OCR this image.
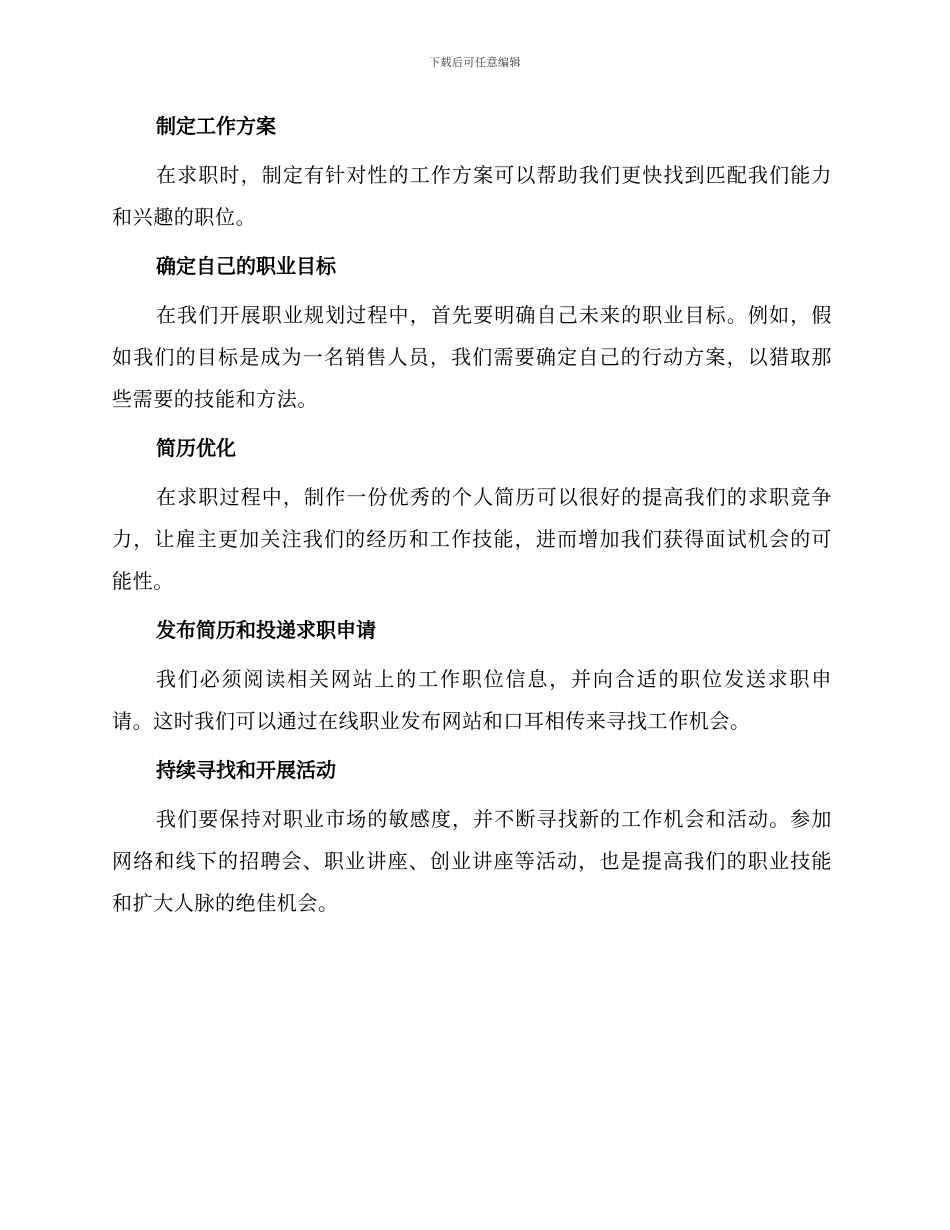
下载后可任意编辑
制定工作方案

在求职时，制定有针对性的工作方案可以帮助我们更快找到匹配我们能力和兴趣的职位。

确定自己的职业目标

在我们开展职业规划过程中，首先要明确自己未来的职业目标。例如，假如我们的目标是成为一名销售人员，我们需要确定自己的行动方案，以猎取那些需要的技能和方法。

简历优化

在求职过程中，制作一份优秀的个人简历可以很好的提高我们的求职竞争力，让雇主更加关注我们的经历和工作技能，进而增加我们获得面试机会的可能性。

发布简历和投递求职申请

我们必须阅读相关网站上的工作职位信息，并向合适的职位发送求职申请。这时我们可以通过在线职业发布网站和口耳相传来寻找工作机会。

持续寻找和开展活动

我们要保持对职业市场的敏感度，并不断寻找新的工作机会和活动。参加网络和线下的招聘会、职业讲座、创业讲座等活动，也是提高我们的职业技能和扩大人脉的绝佳机会。
